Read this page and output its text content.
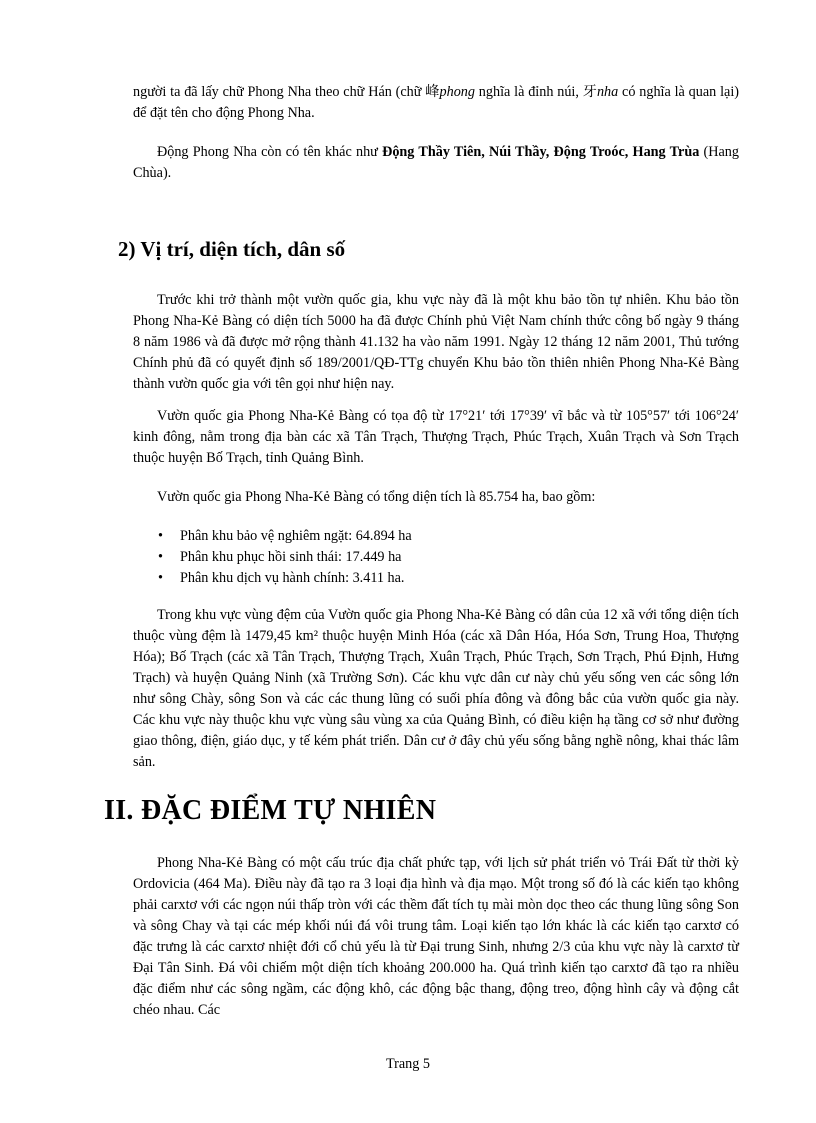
người ta đã lấy chữ Phong Nha theo chữ Hán (chữ 峰phong nghĩa là đỉnh núi, 牙nha có nghĩa là quan lại) để đặt tên cho động Phong Nha.

Động Phong Nha còn có tên khác như Động Thầy Tiên, Núi Thầy, Động Troóc, Hang Trùa (Hang Chùa).

2) Vị trí, diện tích, dân số

Trước khi trở thành một vườn quốc gia, khu vực này đã là một khu bảo tồn tự nhiên. Khu bảo tồn Phong Nha-Kẻ Bàng có diện tích 5000 ha đã được Chính phủ Việt Nam chính thức công bố ngày 9 tháng 8 năm 1986 và đã được mở rộng thành 41.132 ha vào năm 1991. Ngày 12 tháng 12 năm 2001, Thủ tướng Chính phủ đã có quyết định số 189/2001/QĐ-TTg chuyển Khu bảo tồn thiên nhiên Phong Nha-Kẻ Bàng thành vườn quốc gia với tên gọi như hiện nay.

Vườn quốc gia Phong Nha-Kẻ Bàng có tọa độ từ 17°21′ tới 17°39′ vĩ bắc và từ 105°57′ tới 106°24′ kinh đông, nằm trong địa bàn các xã Tân Trạch, Thượng Trạch, Phúc Trạch, Xuân Trạch và Sơn Trạch thuộc huyện Bố Trạch, tỉnh Quảng Bình.

Vườn quốc gia Phong Nha-Kẻ Bàng có tổng diện tích là 85.754 ha, bao gồm:

• Phân khu bảo vệ nghiêm ngặt: 64.894 ha
• Phân khu phục hồi sinh thái: 17.449 ha
• Phân khu dịch vụ hành chính: 3.411 ha.

Trong khu vực vùng đệm của Vườn quốc gia Phong Nha-Kẻ Bàng có dân của 12 xã với tổng diện tích thuộc vùng đệm là 1479,45 km² thuộc huyện Minh Hóa (các xã Dân Hóa, Hóa Sơn, Trung Hoa, Thượng Hóa); Bố Trạch (các xã Tân Trạch, Thượng Trạch, Xuân Trạch, Phúc Trạch, Sơn Trạch, Phú Định, Hưng Trạch) và huyện Quảng Ninh (xã Trường Sơn). Các khu vực dân cư này chủ yếu sống ven các sông lớn như sông Chày, sông Son và các các thung lũng có suối phía đông và đông bắc của vườn quốc gia này. Các khu vực này thuộc khu vực vùng sâu vùng xa của Quảng Bình, có điều kiện hạ tầng cơ sở như đường giao thông, điện, giáo dục, y tế kém phát triển. Dân cư ở đây chủ yếu sống bằng nghề nông, khai thác lâm sản.

II. ĐẶC ĐIỂM TỰ NHIÊN

Phong Nha-Kẻ Bàng có một cấu trúc địa chất phức tạp, với lịch sử phát triển vỏ Trái Đất từ thời kỳ Ordovicia (464 Ma). Điều này đã tạo ra 3 loại địa hình và địa mạo. Một trong số đó là các kiến tạo không phải carxtơ với các ngọn núi thấp tròn với các thềm đất tích tụ mài mòn dọc theo các thung lũng sông Son và sông Chay và tại các mép khối núi đá vôi trung tâm. Loại kiến tạo lớn khác là các kiến tạo carxtơ có đặc trưng là các carxtơ nhiệt đới cổ chủ yếu là từ Đại trung Sinh, nhưng 2/3 của khu vực này là carxtơ từ Đại Tân Sinh. Đá vôi chiếm một diện tích khoảng 200.000 ha. Quá trình kiến tạo carxtơ đã tạo ra nhiều đặc điểm như các sông ngầm, các động khô, các động bậc thang, động treo, động hình cây và động cắt chéo nhau. Các

Trang 5
